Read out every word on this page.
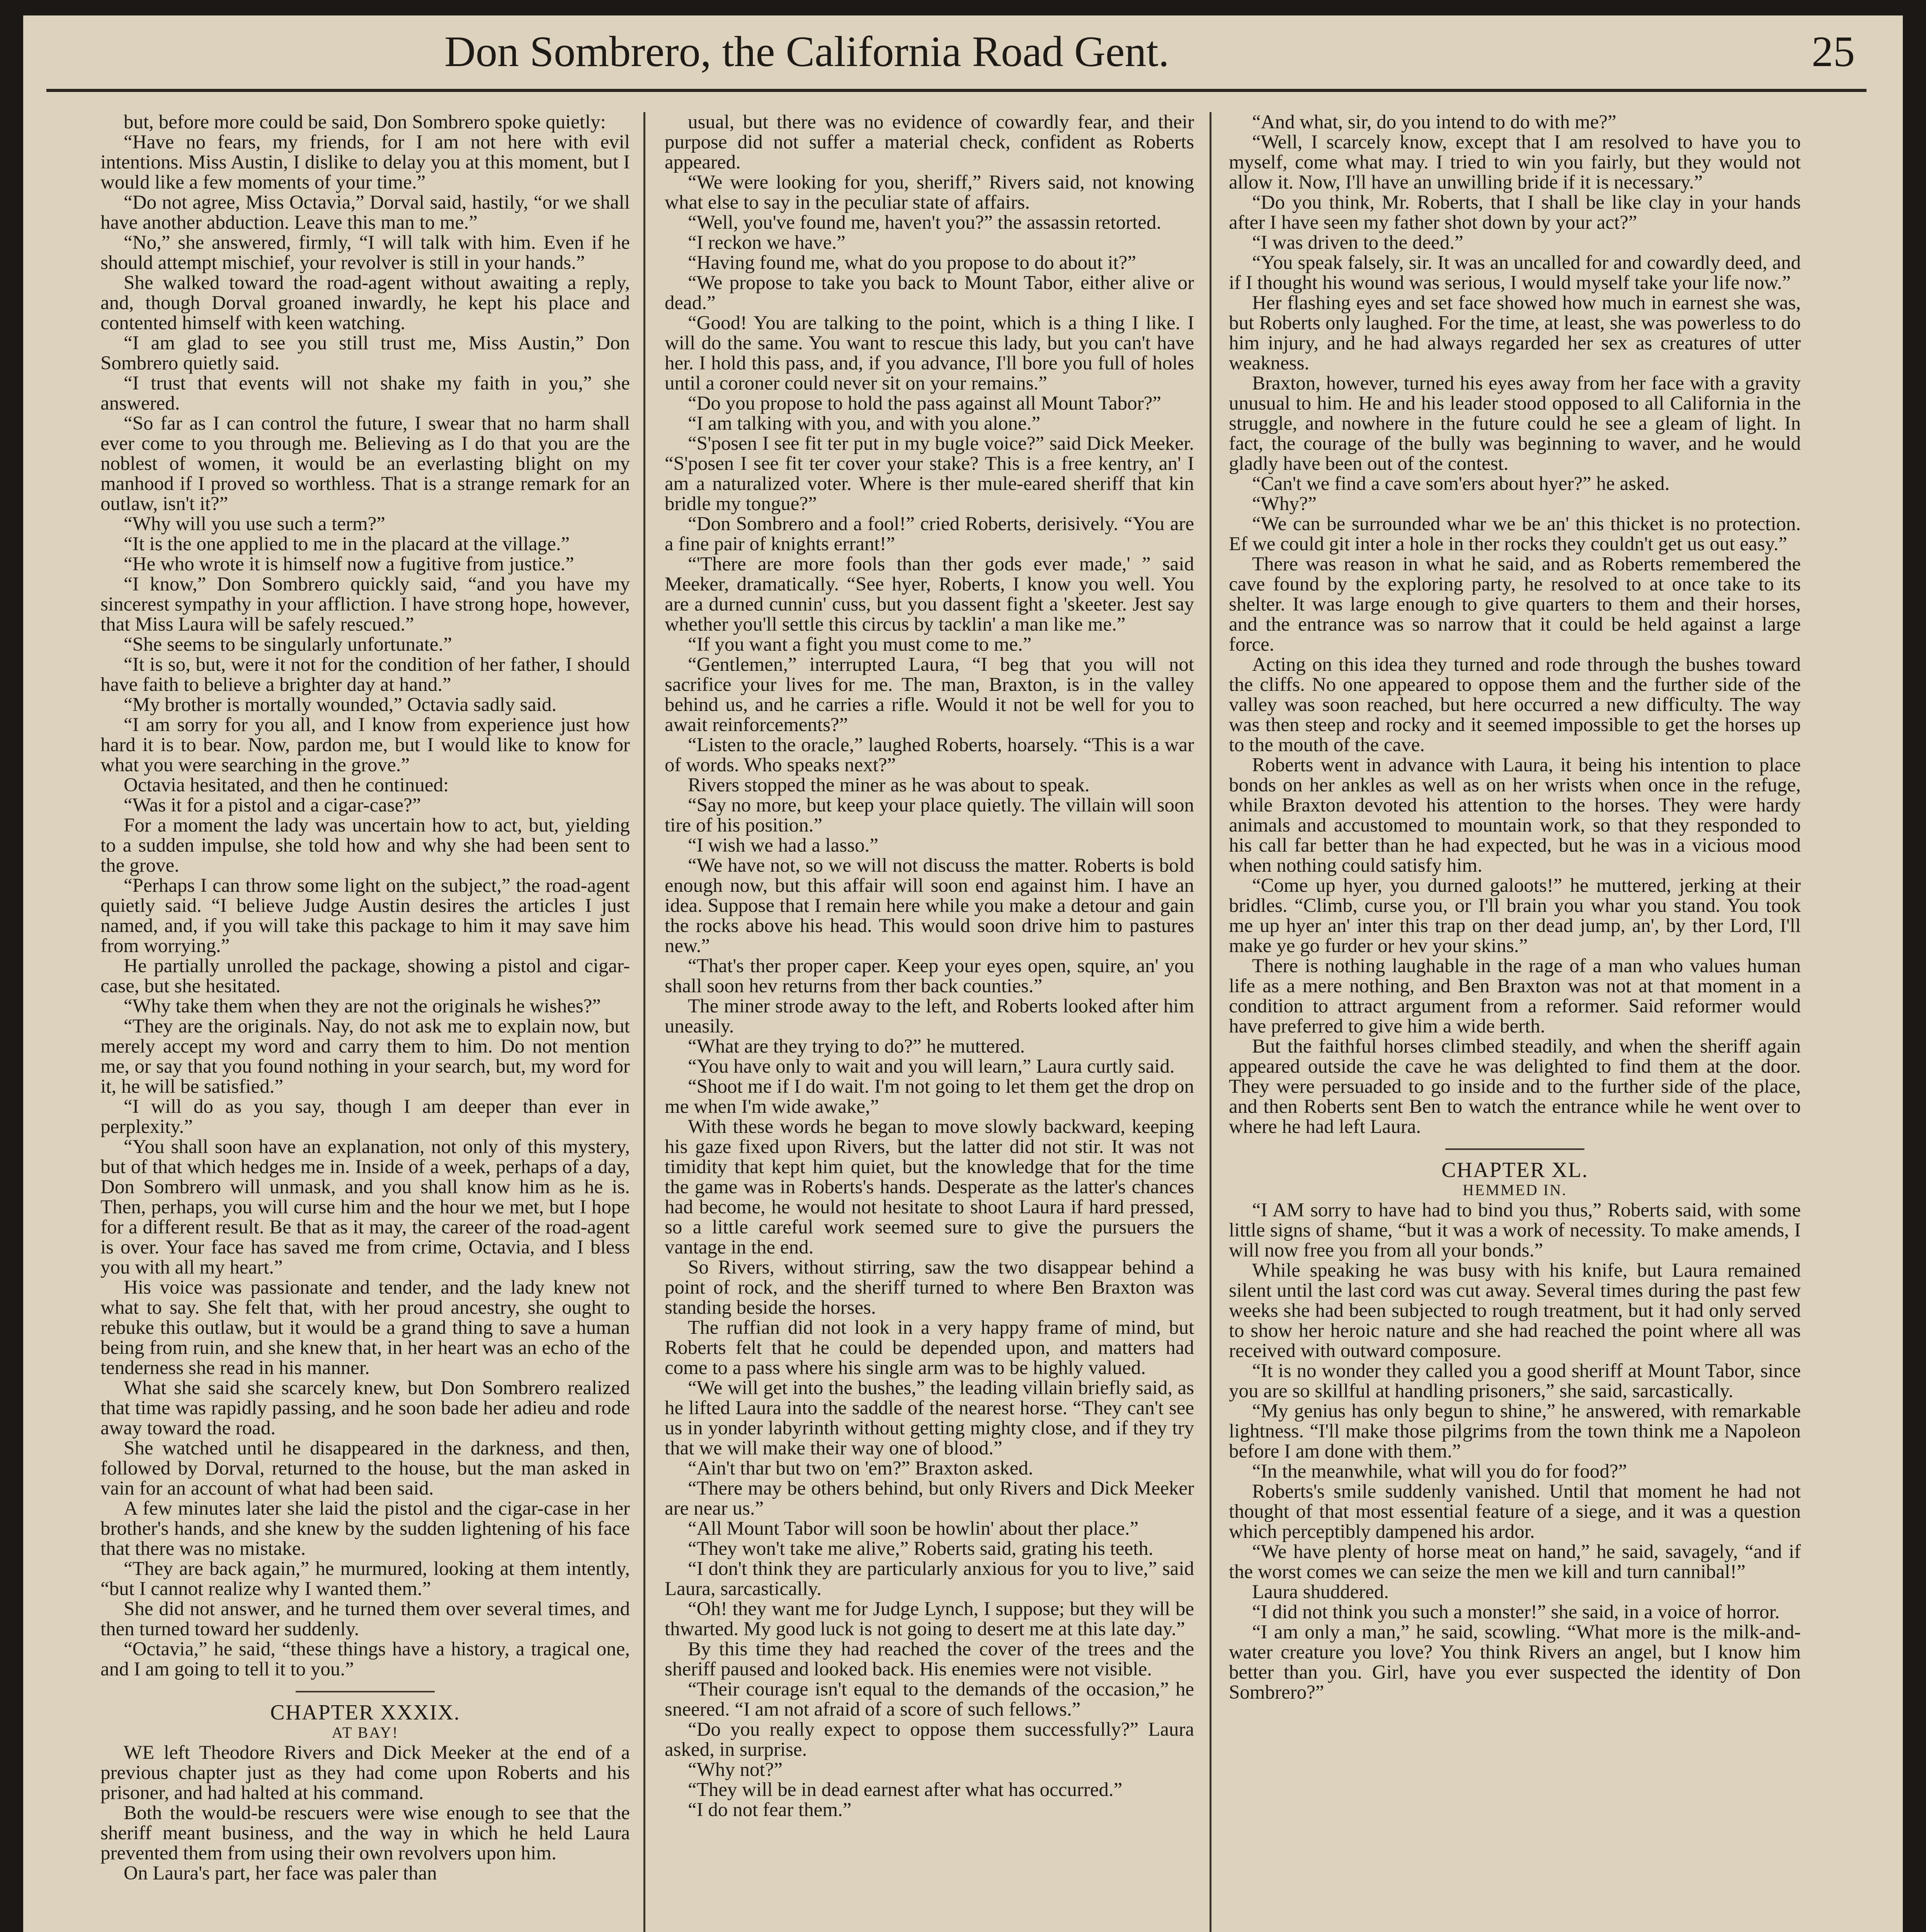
Don Sombrero, the California Road Gent.	25

but, before more could be said, Don Sombrero spoke quietly:

“Have no fears, my friends, for I am not here with evil intentions. Miss Austin, I dislike to delay you at this moment, but I would like a few moments of your time.”

“Do not agree, Miss Octavia,” Dorval said, hastily, “or we shall have another abduction. Leave this man to me.”

“No,” she answered, firmly, “I will talk with him. Even if he should attempt mischief, your revolver is still in your hands.”

She walked toward the road-agent without awaiting a reply, and, though Dorval groaned inwardly, he kept his place and contented himself with keen watching.

“I am glad to see you still trust me, Miss Austin,” Don Sombrero quietly said.

“I trust that events will not shake my faith in you,” she answered.

“So far as I can control the future, I swear that no harm shall ever come to you through me. Believing as I do that you are the noblest of women, it would be an everlasting blight on my manhood if I proved so worthless. That is a strange remark for an outlaw, isn't it?”

“Why will you use such a term?”

“It is the one applied to me in the placard at the village.”

“He who wrote it is himself now a fugitive from justice.”

“I know,” Don Sombrero quickly said, “and you have my sincerest sympathy in your affliction. I have strong hope, however, that Miss Laura will be safely rescued.”

“She seems to be singularly unfortunate.”

“It is so, but, were it not for the condition of her father, I should have faith to believe a brighter day at hand.”

“My brother is mortally wounded,” Octavia sadly said.

“I am sorry for you all, and I know from experience just how hard it is to bear. Now, pardon me, but I would like to know for what you were searching in the grove.”

Octavia hesitated, and then he continued:

“Was it for a pistol and a cigar-case?”

For a moment the lady was uncertain how to act, but, yielding to a sudden impulse, she told how and why she had been sent to the grove.

“Perhaps I can throw some light on the subject,” the road-agent quietly said. “I believe Judge Austin desires the articles I just named, and, if you will take this package to him it may save him from worrying.”

He partially unrolled the package, showing a pistol and cigar-case, but she hesitated.

“Why take them when they are not the originals he wishes?”

“They are the originals. Nay, do not ask me to explain now, but merely accept my word and carry them to him. Do not mention me, or say that you found nothing in your search, but, my word for it, he will be satisfied.”

“I will do as you say, though I am deeper than ever in perplexity.”

“You shall soon have an explanation, not only of this mystery, but of that which hedges me in. Inside of a week, perhaps of a day, Don Sombrero will unmask, and you shall know him as he is. Then, perhaps, you will curse him and the hour we met, but I hope for a different result. Be that as it may, the career of the road-agent is over. Your face has saved me from crime, Octavia, and I bless you with all my heart.”

His voice was passionate and tender, and the lady knew not what to say. She felt that, with her proud ancestry, she ought to rebuke this outlaw, but it would be a grand thing to save a human being from ruin, and she knew that, in her heart was an echo of the tenderness she read in his manner.

What she said she scarcely knew, but Don Sombrero realized that time was rapidly passing, and he soon bade her adieu and rode away toward the road.

She watched until he disappeared in the darkness, and then, followed by Dorval, returned to the house, but the man asked in vain for an account of what had been said.

A few minutes later she laid the pistol and the cigar-case in her brother's hands, and she knew by the sudden lightening of his face that there was no mistake.

“They are back again,” he murmured, looking at them intently, “but I cannot realize why I wanted them.”

She did not answer, and he turned them over several times, and then turned toward her suddenly.

“Octavia,” he said, “these things have a history, a tragical one, and I am going to tell it to you.”

CHAPTER XXXIX.
AT BAY!

WE left Theodore Rivers and Dick Meeker at the end of a previous chapter just as they had come upon Roberts and his prisoner, and had halted at his command.

Both the would-be rescuers were wise enough to see that the sheriff meant business, and the way in which he held Laura prevented them from using their own revolvers upon him.

On Laura's part, her face was paler than

usual, but there was no evidence of cowardly fear, and their purpose did not suffer a material check, confident as Roberts appeared.

“We were looking for you, sheriff,” Rivers said, not knowing what else to say in the peculiar state of affairs.

“Well, you've found me, haven't you?” the assassin retorted.

“I reckon we have.”

“Having found me, what do you propose to do about it?”

“We propose to take you back to Mount Tabor, either alive or dead.”

“Good! You are talking to the point, which is a thing I like. I will do the same. You want to rescue this lady, but you can't have her. I hold this pass, and, if you advance, I'll bore you full of holes until a coroner could never sit on your remains.”

“Do you propose to hold the pass against all Mount Tabor?”

“I am talking with you, and with you alone.”

“S'posen I see fit ter put in my bugle voice?” said Dick Meeker. “S'posen I see fit ter cover your stake? This is a free kentry, an' I am a naturalized voter. Where is ther mule-eared sheriff that kin bridle my tongue?”

“Don Sombrero and a fool!” cried Roberts, derisively. “You are a fine pair of knights errant!”

“'There are more fools than ther gods ever made,' ” said Meeker, dramatically. “See hyer, Roberts, I know you well. You are a durned cunnin' cuss, but you dassent fight a 'skeeter. Jest say whether you'll settle this circus by tacklin' a man like me.”

“If you want a fight you must come to me.”

“Gentlemen,” interrupted Laura, “I beg that you will not sacrifice your lives for me. The man, Braxton, is in the valley behind us, and he carries a rifle. Would it not be well for you to await reinforcements?”

“Listen to the oracle,” laughed Roberts, hoarsely. “This is a war of words. Who speaks next?”

Rivers stopped the miner as he was about to speak.

“Say no more, but keep your place quietly. The villain will soon tire of his position.”

“I wish we had a lasso.”

“We have not, so we will not discuss the matter. Roberts is bold enough now, but this affair will soon end against him. I have an idea. Suppose that I remain here while you make a detour and gain the rocks above his head. This would soon drive him to pastures new.”

“That's ther proper caper. Keep your eyes open, squire, an' you shall soon hev returns from ther back counties.”

The miner strode away to the left, and Roberts looked after him uneasily.

“What are they trying to do?” he muttered.

“You have only to wait and you will learn,” Laura curtly said.

“Shoot me if I do wait. I'm not going to let them get the drop on me when I'm wide awake,”

With these words he began to move slowly backward, keeping his gaze fixed upon Rivers, but the latter did not stir. It was not timidity that kept him quiet, but the knowledge that for the time the game was in Roberts's hands. Desperate as the latter's chances had become, he would not hesitate to shoot Laura if hard pressed, so a little careful work seemed sure to give the pursuers the vantage in the end.

So Rivers, without stirring, saw the two disappear behind a point of rock, and the sheriff turned to where Ben Braxton was standing beside the horses.

The ruffian did not look in a very happy frame of mind, but Roberts felt that he could be depended upon, and matters had come to a pass where his single arm was to be highly valued.

“We will get into the bushes,” the leading villain briefly said, as he lifted Laura into the saddle of the nearest horse. “They can't see us in yonder labyrinth without getting mighty close, and if they try that we will make their way one of blood.”

“Ain't thar but two on 'em?” Braxton asked.

“There may be others behind, but only Rivers and Dick Meeker are near us.”

“All Mount Tabor will soon be howlin' about ther place.”

“They won't take me alive,” Roberts said, grating his teeth.

“I don't think they are particularly anxious for you to live,” said Laura, sarcastically.

“Oh! they want me for Judge Lynch, I suppose; but they will be thwarted. My good luck is not going to desert me at this late day.”

By this time they had reached the cover of the trees and the sheriff paused and looked back. His enemies were not visible.

“Their courage isn't equal to the demands of the occasion,” he sneered. “I am not afraid of a score of such fellows.”

“Do you really expect to oppose them successfully?” Laura asked, in surprise.

“Why not?”

“They will be in dead earnest after what has occurred.”

“I do not fear them.”

“And what, sir, do you intend to do with me?”

“Well, I scarcely know, except that I am resolved to have you to myself, come what may. I tried to win you fairly, but they would not allow it. Now, I'll have an unwilling bride if it is necessary.”

“Do you think, Mr. Roberts, that I shall be like clay in your hands after I have seen my father shot down by your act?”

“I was driven to the deed.”

“You speak falsely, sir. It was an uncalled for and cowardly deed, and if I thought his wound was serious, I would myself take your life now.”

Her flashing eyes and set face showed how much in earnest she was, but Roberts only laughed. For the time, at least, she was powerless to do him injury, and he had always regarded her sex as creatures of utter weakness.

Braxton, however, turned his eyes away from her face with a gravity unusual to him. He and his leader stood opposed to all California in the struggle, and nowhere in the future could he see a gleam of light. In fact, the courage of the bully was beginning to waver, and he would gladly have been out of the contest.

“Can't we find a cave som'ers about hyer?” he asked.

“Why?”

“We can be surrounded whar we be an' this thicket is no protection. Ef we could git inter a hole in ther rocks they couldn't get us out easy.”

There was reason in what he said, and as Roberts remembered the cave found by the exploring party, he resolved to at once take to its shelter. It was large enough to give quarters to them and their horses, and the entrance was so narrow that it could be held against a large force.

Acting on this idea they turned and rode through the bushes toward the cliffs. No one appeared to oppose them and the further side of the valley was soon reached, but here occurred a new difficulty. The way was then steep and rocky and it seemed impossible to get the horses up to the mouth of the cave.

Roberts went in advance with Laura, it being his intention to place bonds on her ankles as well as on her wrists when once in the refuge, while Braxton devoted his attention to the horses. They were hardy animals and accustomed to mountain work, so that they responded to his call far better than he had expected, but he was in a vicious mood when nothing could satisfy him.

“Come up hyer, you durned galoots!” he muttered, jerking at their bridles. “Climb, curse you, or I'll brain you whar you stand. You took me up hyer an' inter this trap on ther dead jump, an', by ther Lord, I'll make ye go furder or hev your skins.”

There is nothing laughable in the rage of a man who values human life as a mere nothing, and Ben Braxton was not at that moment in a condition to attract argument from a reformer. Said reformer would have preferred to give him a wide berth.

But the faithful horses climbed steadily, and when the sheriff again appeared outside the cave he was delighted to find them at the door. They were persuaded to go inside and to the further side of the place, and then Roberts sent Ben to watch the entrance while he went over to where he had left Laura.

CHAPTER XL.
HEMMED IN.

“I AM sorry to have had to bind you thus,” Roberts said, with some little signs of shame, “but it was a work of necessity. To make amends, I will now free you from all your bonds.”

While speaking he was busy with his knife, but Laura remained silent until the last cord was cut away. Several times during the past few weeks she had been subjected to rough treatment, but it had only served to show her heroic nature and she had reached the point where all was received with outward composure.

“It is no wonder they called you a good sheriff at Mount Tabor, since you are so skillful at handling prisoners,” she said, sarcastically.

“My genius has only begun to shine,” he answered, with remarkable lightness. “I'll make those pilgrims from the town think me a Napoleon before I am done with them.”

“In the meanwhile, what will you do for food?”

Roberts's smile suddenly vanished. Until that moment he had not thought of that most essential feature of a siege, and it was a question which perceptibly dampened his ardor.

“We have plenty of horse meat on hand,” he said, savagely, “and if the worst comes we can seize the men we kill and turn cannibal!”

Laura shuddered.

“I did not think you such a monster!” she said, in a voice of horror.

“I am only a man,” he said, scowling. “What more is the milk-and-water creature you love? You think Rivers an angel, but I know him better than you. Girl, have you ever suspected the identity of Don Sombrero?”
